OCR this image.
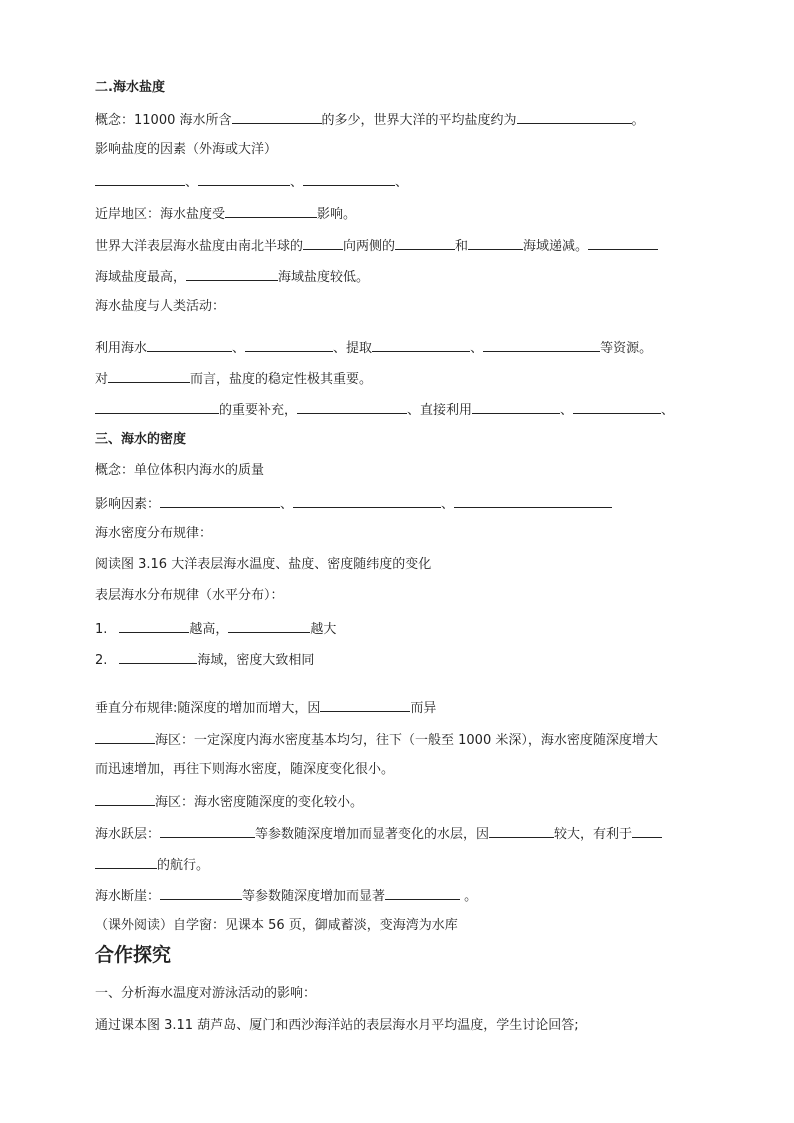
二.海水盐度
概念：11000 海水所含	的多少，世界大洋的平均盐度约为	。
影响盐度的因素（外海或大洋）
、	、	、
近岸地区：海水盐度受	影响。
世界大洋表层海水盐度由南北半球的	向两侧的	和	海域递减。
海域盐度最高，	海域盐度较低。
海水盐度与人类活动：
利用海水	、	、提取	、	等资源。
对	而言，盐度的稳定性极其重要。
的重要补充，	、直接利用	、	、
三、海水的密度
概念：单位体积内海水的质量
影响因素：	、	、
海水密度分布规律：
阅读图 3.16 大洋表层海水温度、盐度、密度随纬度的变化
表层海水分布规律（水平分布）：
1.	越高，	越大
2.	海域，密度大致相同
垂直分布规律:随深度的增加而增大，因	而异
海区：一定深度内海水密度基本均匀，往下（一般至 1000 米深），海水密度随深度增大
而迅速增加，再往下则海水密度，随深度变化很小。
海区：海水密度随深度的变化较小。
海水跃层：	等参数随深度增加而显著变化的水层，因	较大，有利于
的航行。
海水断崖：	等参数随深度增加而显著	。
（课外阅读）自学窗：见课本 56 页，御咸蓄淡，变海湾为水库
合作探究
一、分析海水温度对游泳活动的影响：
通过课本图 3.11 葫芦岛、厦门和西沙海洋站的表层海水月平均温度，学生讨论回答;
